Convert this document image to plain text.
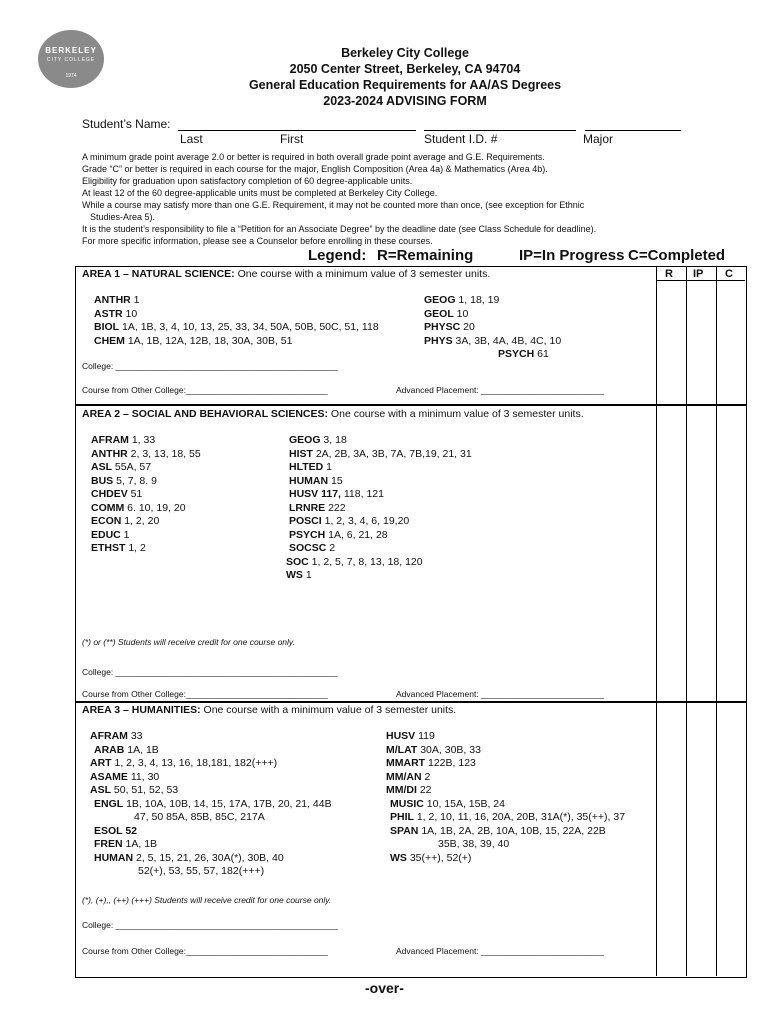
BERKELEY
CITY COLLEGE
1974
Berkeley City College
2050 Center Street, Berkeley, CA 94704
General Education Requirements for AA/AS Degrees
2023-2024 ADVISING FORM
Student’s Name:
Last	First	Student I.D. #	Major
A minimum grade point average 2.0 or better is required in both overall grade point average and G.E. Requirements.
Grade “C” or better is required in each course for the major, English Composition (Area 4a) & Mathematics (Area 4b).
Eligibility for graduation upon satisfactory completion of 60 degree-applicable units.
At least 12 of the 60 degree-applicable units must be completed at Berkeley City College.
While a course may satisfy more than one G.E. Requirement, it may not be counted more than once, (see exception for Ethnic
Studies-Area 5).
It is the student’s responsibility to file a “Petition for an Associate Degree” by the deadline date (see Class Schedule for deadline).
For more specific information, please see a Counselor before enrolling in these courses.
Legend: R=Remaining	IP=In Progress C=Completed
R IP C
AREA 1 – NATURAL SCIENCE: One course with a minimum value of 3 semester units.
ANTHR 1
ASTR 10
BIOL 1A, 1B, 3, 4, 10, 13, 25, 33, 34, 50A, 50B, 50C, 51, 118
CHEM 1A, 1B, 12A, 12B, 18, 30A, 30B, 51
GEOG 1, 18, 19
GEOL 10
PHYSC 20
PHYS 3A, 3B, 4A, 4B, 4C, 10
PSYCH 61
College: _______________________________________________
Course from Other College:______________________________	Advanced Placement: __________________________
AREA 2 – SOCIAL AND BEHAVIORAL SCIENCES: One course with a minimum value of 3 semester units.
AFRAM 1, 33
ANTHR 2, 3, 13, 18, 55
ASL 55A, 57
BUS 5, 7, 8. 9
CHDEV 51
COMM 6. 10, 19, 20
ECON 1, 2, 20
EDUC 1
ETHST 1, 2
GEOG 3, 18
HIST 2A, 2B, 3A, 3B, 7A, 7B,19, 21, 31
HLTED 1
HUMAN 15
HUSV 117, 118, 121
LRNRE 222
POSCI 1, 2, 3, 4, 6, 19,20
PSYCH 1A, 6, 21, 28
SOCSC 2
SOC 1, 2, 5, 7, 8, 13, 18, 120
WS 1
(*) or (**) Students will receive credit for one course only.
College: _______________________________________________
Course from Other College:______________________________	Advanced Placement: __________________________
AREA 3 – HUMANITIES: One course with a minimum value of 3 semester units.
AFRAM 33
ARAB 1A, 1B
ART 1, 2, 3, 4, 13, 16, 18,181, 182(+++)
ASAME 11, 30
ASL 50, 51, 52, 53
ENGL 1B, 10A, 10B, 14, 15, 17A, 17B, 20, 21, 44B
47, 50 85A, 85B, 85C, 217A
ESOL 52
FREN 1A, 1B
HUMAN 2, 5, 15, 21, 26, 30A(*), 30B, 40
52(+), 53, 55, 57, 182(+++)
HUSV 119
M/LAT 30A, 30B, 33
MMART 122B, 123
MM/AN 2
MM/DI 22
MUSIC 10, 15A, 15B, 24
PHIL 1, 2, 10, 11, 16, 20A, 20B, 31A(*), 35(++), 37
SPAN 1A, 1B, 2A, 2B, 10A, 10B, 15, 22A, 22B
35B, 38, 39, 40
WS 35(++), 52(+)
(*), (+),, (++) (+++) Students will receive credit for one course only.
College: _______________________________________________
Course from Other College:______________________________	Advanced Placement: __________________________
-over-
